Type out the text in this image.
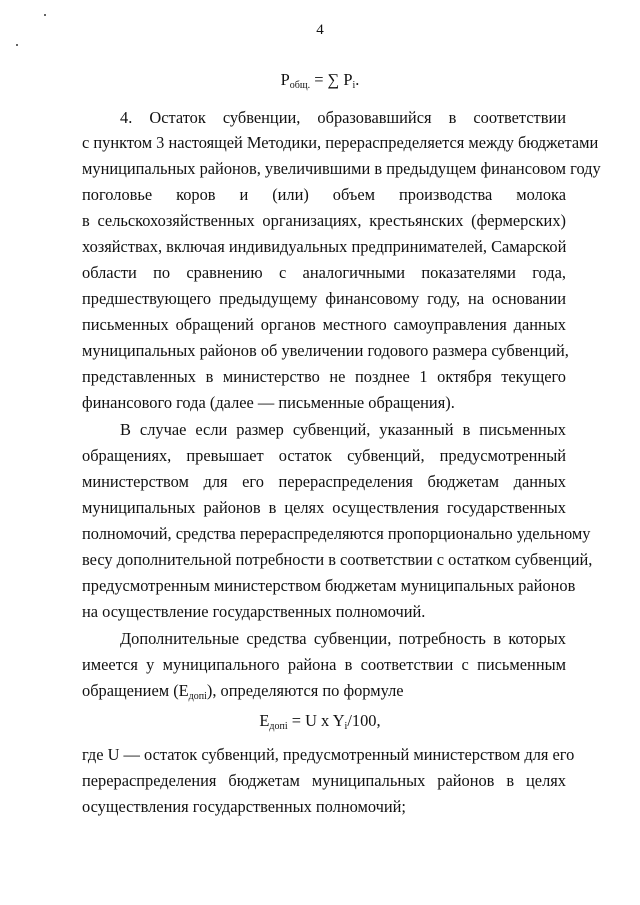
4
Pобщ. = ∑ Pi.
4. Остаток субвенции, образовавшийся в соответствии
с пунктом 3 настоящей Методики, перераспределяется между бюджетами
муниципальных районов, увеличившими в предыдущем финансовом году
поголовье коров и (или) объем производства молока
в сельскохозяйственных организациях, крестьянских (фермерских)
хозяйствах, включая индивидуальных предпринимателей, Самарской
области по сравнению с аналогичными показателями года,
предшествующего предыдущему финансовому году, на основании
письменных обращений органов местного самоуправления данных
муниципальных районов об увеличении годового размера субвенций,
представленных в министерство не позднее 1 октября текущего
финансового года (далее — письменные обращения).
В случае если размер субвенций, указанный в письменных
обращениях, превышает остаток субвенций, предусмотренный
министерством для его перераспределения бюджетам данных
муниципальных районов в целях осуществления государственных
полномочий, средства перераспределяются пропорционально удельному
весу дополнительной потребности в соответствии с остатком субвенций,
предусмотренным министерством бюджетам муниципальных районов
на осуществление государственных полномочий.
Дополнительные средства субвенции, потребность в которых
имеется у муниципального района в соответствии с письменным
обращением (Eдопi), определяются по формуле
Eдопi = U x Yi/100,
где U — остаток субвенций, предусмотренный министерством для его
перераспределения бюджетам муниципальных районов в целях
осуществления государственных полномочий;
